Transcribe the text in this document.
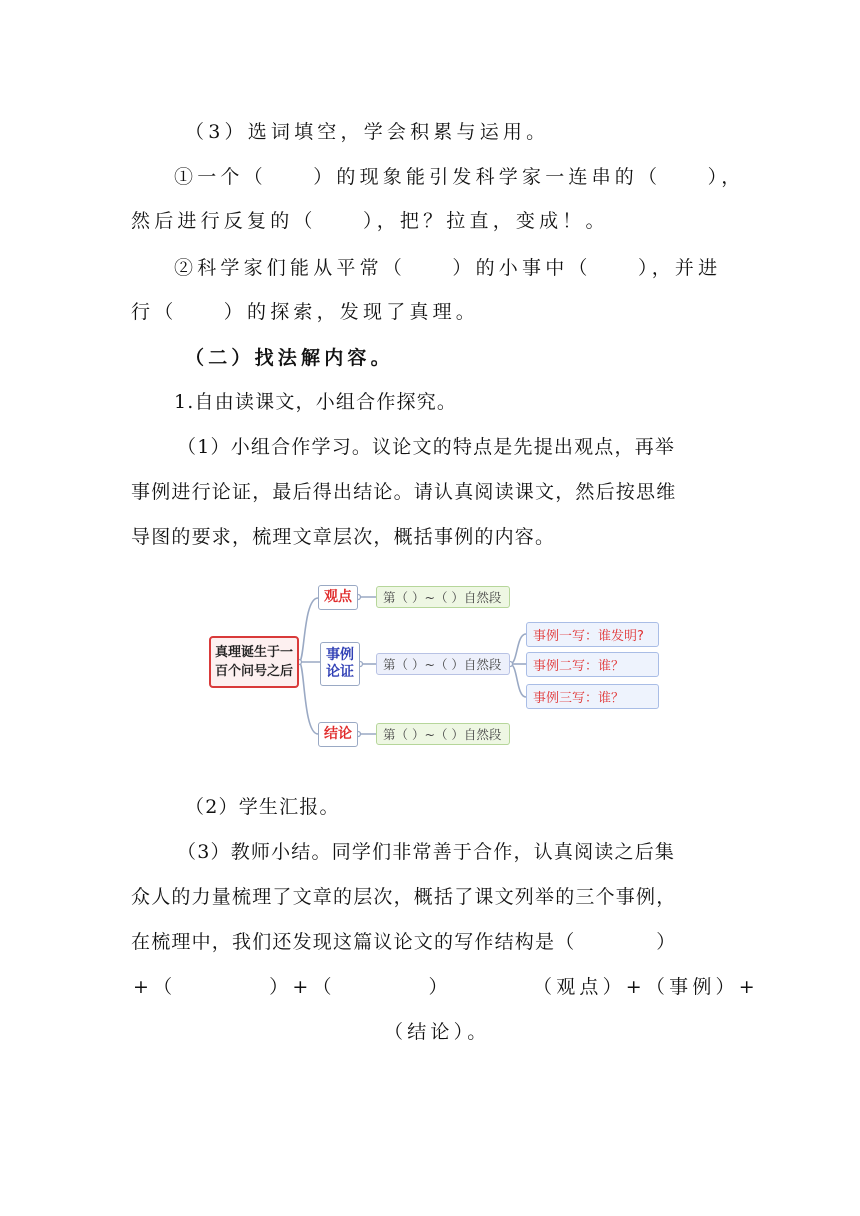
（3）选词填空，学会积累与运用。
①一个（　　）的现象能引发科学家一连串的（　　），
然后进行反复的（　　），把？拉直，变成！。
②科学家们能从平常（　　）的小事中（　　），并进
行（　　）的探索，发现了真理。
（二）找法解内容。
1.自由读课文，小组合作探究。
（1）小组合作学习。议论文的特点是先提出观点，再举
事例进行论证，最后得出结论。请认真阅读课文，然后按思维
导图的要求，梳理文章层次，概括事例的内容。
真理诞生于一
百个问号之后
观点
事例
论证
结论
第（ ）~（ ）自然段
第（ ）~（ ）自然段
第（ ）~（ ）自然段
事例一写：谁发明?
事例二写：谁？
事例三写：谁？
（2）学生汇报。
（3）教师小结。同学们非常善于合作，认真阅读之后集
众人的力量梳理了文章的层次，概括了课文列举的三个事例，
在梳理中，我们还发现这篇议论文的写作结构是（　　　　）
+（　　　　）+（　　　　）	（观点）+（事例）+
（结论）。
